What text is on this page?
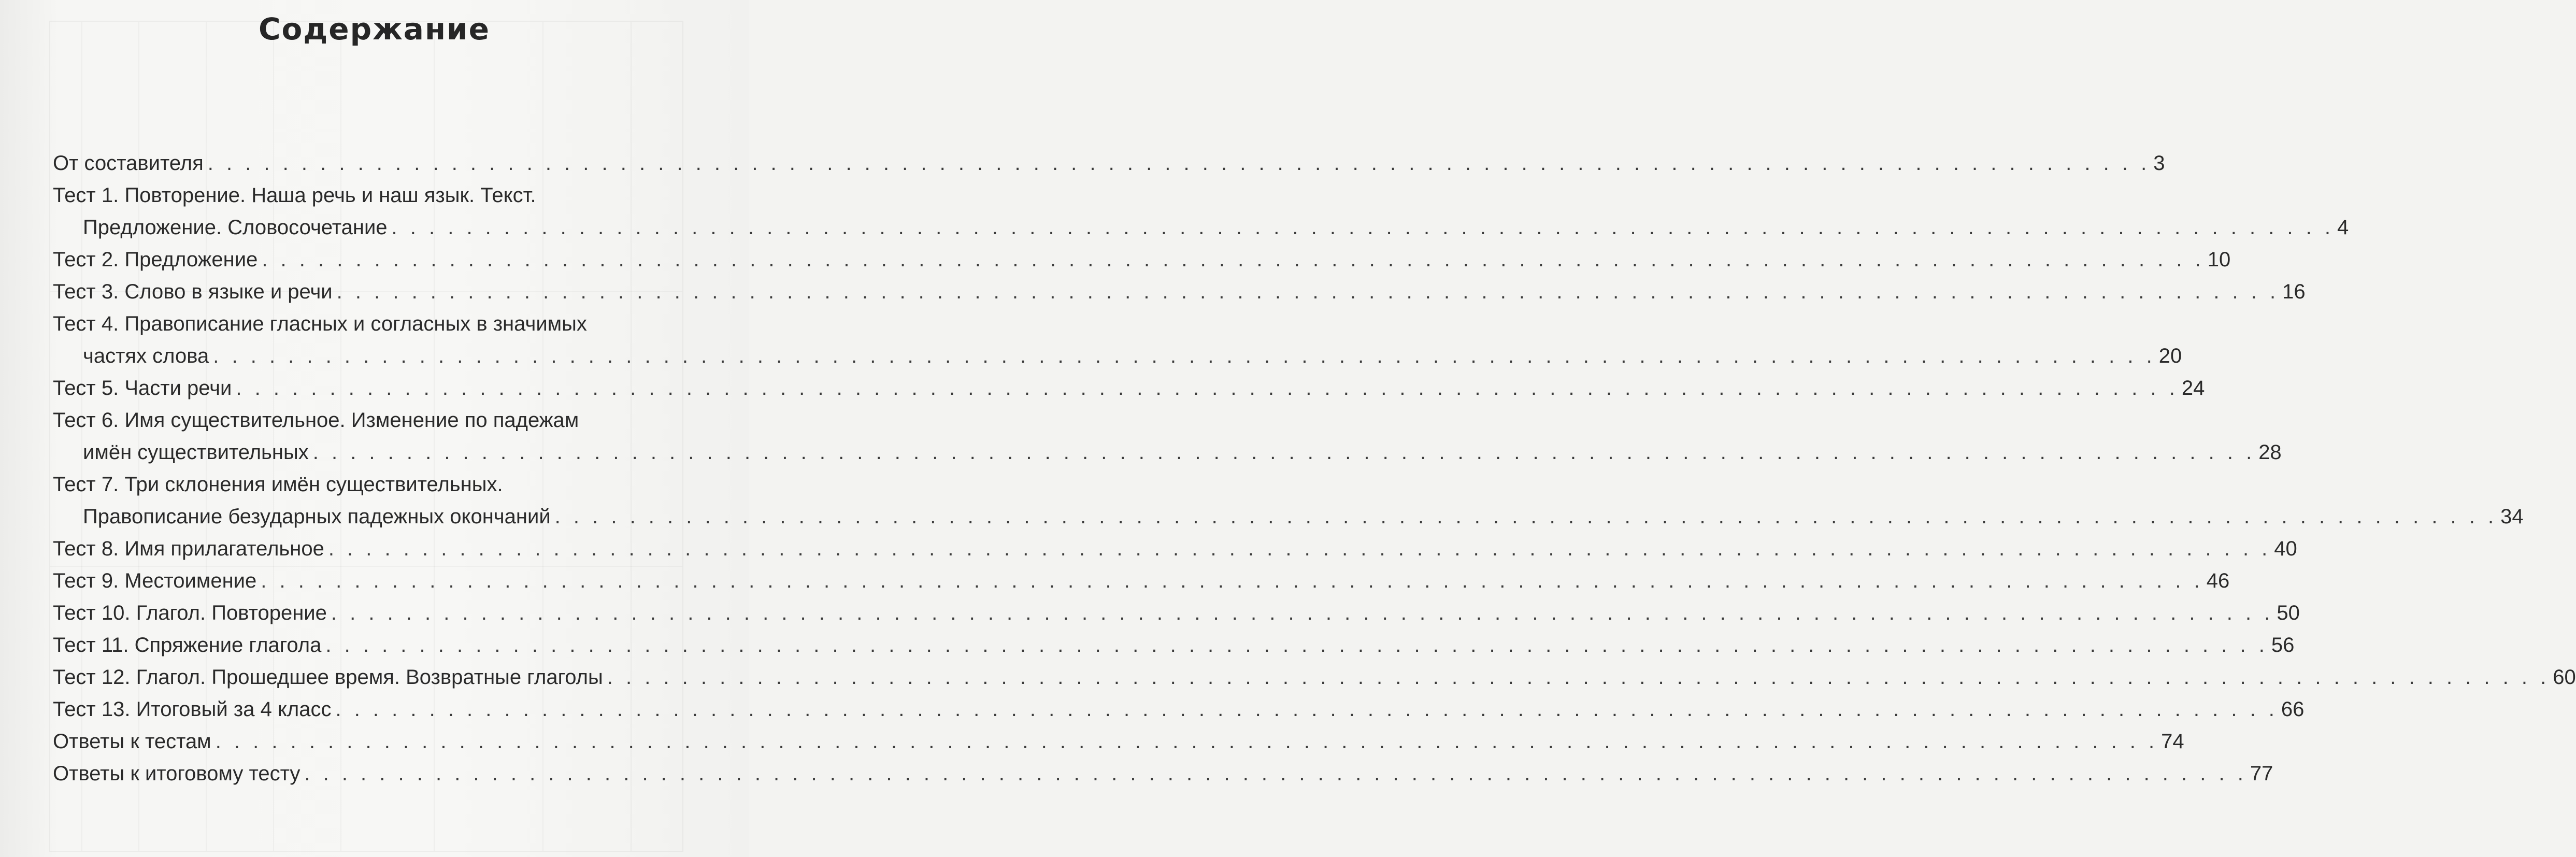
Содержание
От составителя . . . . . . . . . . . . . . . . . . . . . . . . . . . . . . . . . . . . . . . . . . . . . . . . . . . . . . . . . . . . . . . . . . . . . . . . . . . . . . . . . . . . . . . . . . . . . . . . . . . . . . . . 3
Тест 1. Повторение. Наша речь и наш язык. Текст.
Предложение. Словосочетание . . . . . . . . . . . . . . . . . . . . . . . . . . . . . . . . . . . . . . . . . . . . . . . . . . . . . . . . . . . . . . . . . . . . . . . . . . . . . . . . . . . . . . . . . . . . . . . . . . . . . . . . 4
Тест 2. Предложение . . . . . . . . . . . . . . . . . . . . . . . . . . . . . . . . . . . . . . . . . . . . . . . . . . . . . . . . . . . . . . . . . . . . . . . . . . . . . . . . . . . . . . . . . . . . . . . . . . . . . . . . 10
Тест 3. Слово в языке и речи . . . . . . . . . . . . . . . . . . . . . . . . . . . . . . . . . . . . . . . . . . . . . . . . . . . . . . . . . . . . . . . . . . . . . . . . . . . . . . . . . . . . . . . . . . . . . . . . . . . . . . . . 16
Тест 4. Правописание гласных и согласных в значимых
частях слова . . . . . . . . . . . . . . . . . . . . . . . . . . . . . . . . . . . . . . . . . . . . . . . . . . . . . . . . . . . . . . . . . . . . . . . . . . . . . . . . . . . . . . . . . . . . . . . . . . . . . . . . 20
Тест 5. Части речи . . . . . . . . . . . . . . . . . . . . . . . . . . . . . . . . . . . . . . . . . . . . . . . . . . . . . . . . . . . . . . . . . . . . . . . . . . . . . . . . . . . . . . . . . . . . . . . . . . . . . . . . 24
Тест 6. Имя существительное. Изменение по падежам
имён существительных . . . . . . . . . . . . . . . . . . . . . . . . . . . . . . . . . . . . . . . . . . . . . . . . . . . . . . . . . . . . . . . . . . . . . . . . . . . . . . . . . . . . . . . . . . . . . . . . . . . . . . . . 28
Тест 7. Три склонения имён существительных.
Правописание безударных падежных окончаний . . . . . . . . . . . . . . . . . . . . . . . . . . . . . . . . . . . . . . . . . . . . . . . . . . . . . . . . . . . . . . . . . . . . . . . . . . . . . . . . . . . . . . . . . . . . . . . . . . . . . . . . 34
Тест 8. Имя прилагательное . . . . . . . . . . . . . . . . . . . . . . . . . . . . . . . . . . . . . . . . . . . . . . . . . . . . . . . . . . . . . . . . . . . . . . . . . . . . . . . . . . . . . . . . . . . . . . . . . . . . . . . . 40
Тест 9. Местоимение . . . . . . . . . . . . . . . . . . . . . . . . . . . . . . . . . . . . . . . . . . . . . . . . . . . . . . . . . . . . . . . . . . . . . . . . . . . . . . . . . . . . . . . . . . . . . . . . . . . . . . . . 46
Тест 10. Глагол. Повторение . . . . . . . . . . . . . . . . . . . . . . . . . . . . . . . . . . . . . . . . . . . . . . . . . . . . . . . . . . . . . . . . . . . . . . . . . . . . . . . . . . . . . . . . . . . . . . . . . . . . . . . . 50
Тест 11. Спряжение глагола . . . . . . . . . . . . . . . . . . . . . . . . . . . . . . . . . . . . . . . . . . . . . . . . . . . . . . . . . . . . . . . . . . . . . . . . . . . . . . . . . . . . . . . . . . . . . . . . . . . . . . . . 56
Тест 12. Глагол. Прошедшее время. Возвратные глаголы . . . . . . . . . . . . . . . . . . . . . . . . . . . . . . . . . . . . . . . . . . . . . . . . . . . . . . . . . . . . . . . . . . . . . . . . . . . . . . . . . . . . . . . . . . . . . . . . . . . . . . . . 60
Тест 13. Итоговый за 4 класс . . . . . . . . . . . . . . . . . . . . . . . . . . . . . . . . . . . . . . . . . . . . . . . . . . . . . . . . . . . . . . . . . . . . . . . . . . . . . . . . . . . . . . . . . . . . . . . . . . . . . . . . 66
Ответы к тестам . . . . . . . . . . . . . . . . . . . . . . . . . . . . . . . . . . . . . . . . . . . . . . . . . . . . . . . . . . . . . . . . . . . . . . . . . . . . . . . . . . . . . . . . . . . . . . . . . . . . . . . . 74
Ответы к итоговому тесту . . . . . . . . . . . . . . . . . . . . . . . . . . . . . . . . . . . . . . . . . . . . . . . . . . . . . . . . . . . . . . . . . . . . . . . . . . . . . . . . . . . . . . . . . . . . . . . . . . . . . . . . 77
